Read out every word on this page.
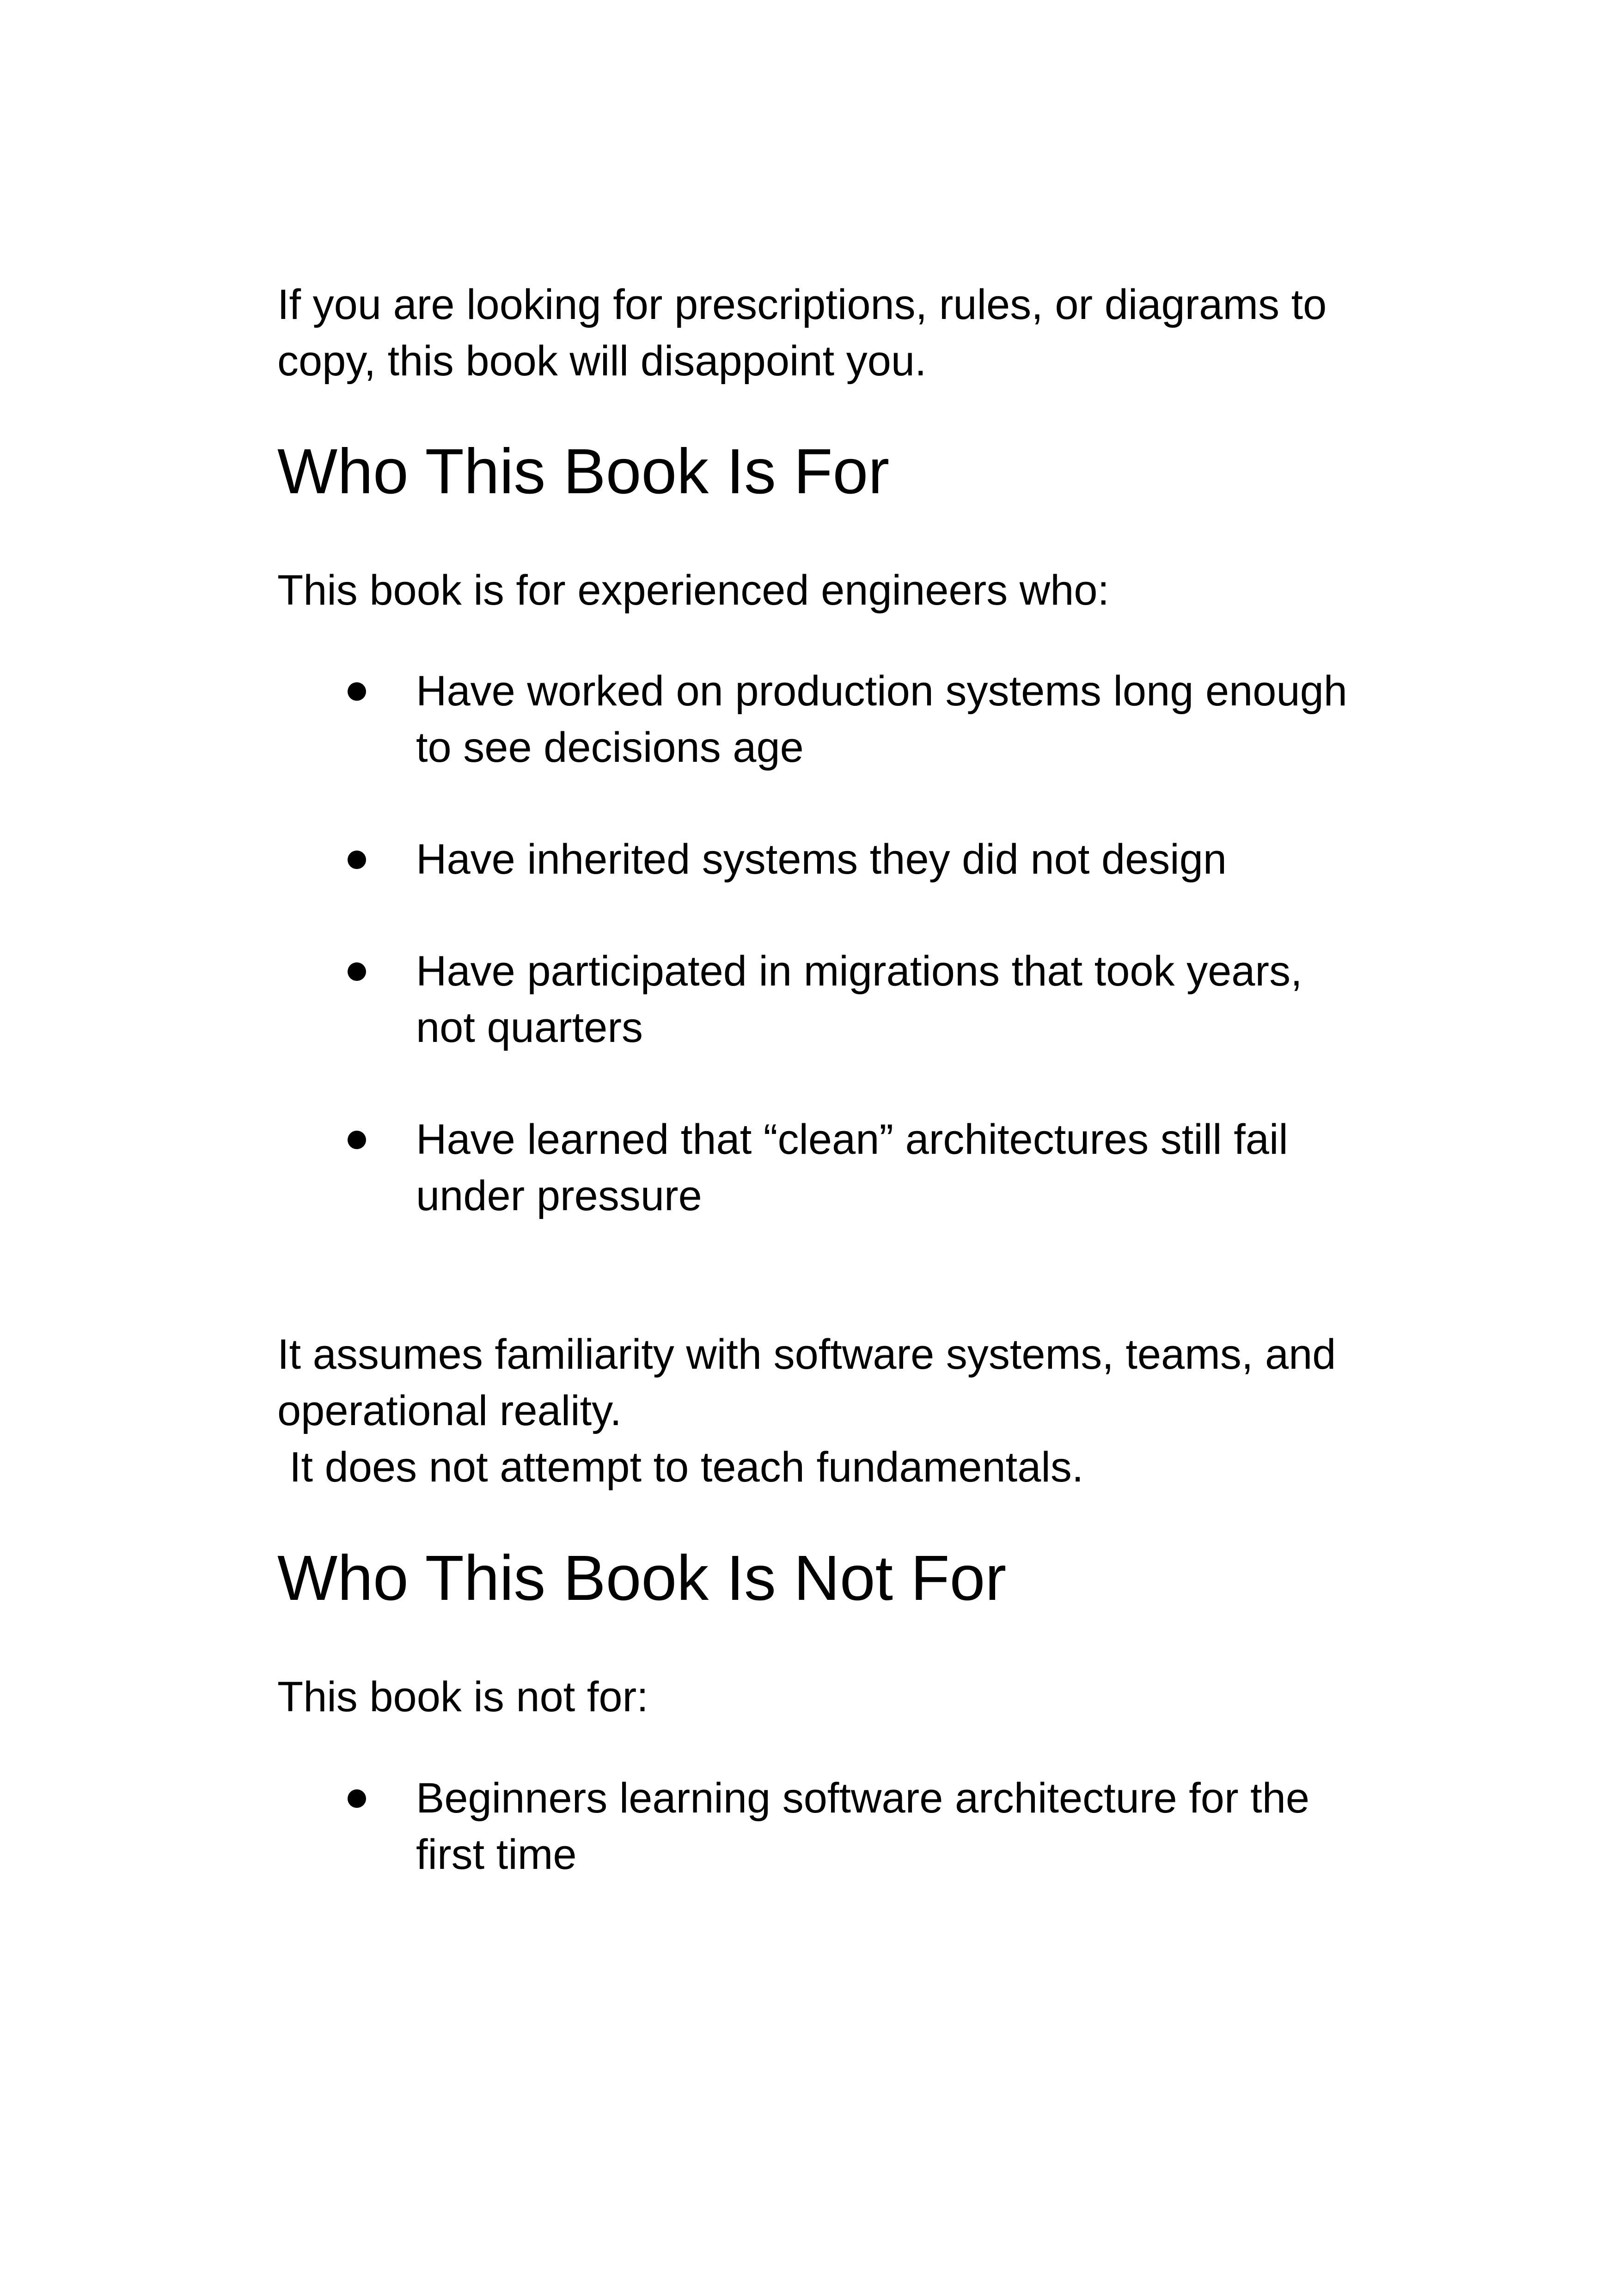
If you are looking for prescriptions, rules, or diagrams to copy, this book will disappoint you.

Who This Book Is For

This book is for experienced engineers who:

Have worked on production systems long enough to see decisions age

Have inherited systems they did not design

Have participated in migrations that took years, not quarters

Have learned that “clean” architectures still fail under pressure

It assumes familiarity with software systems, teams, and operational reality.

It does not attempt to teach fundamentals.

Who This Book Is Not For

This book is not for:

Beginners learning software architecture for the first time
